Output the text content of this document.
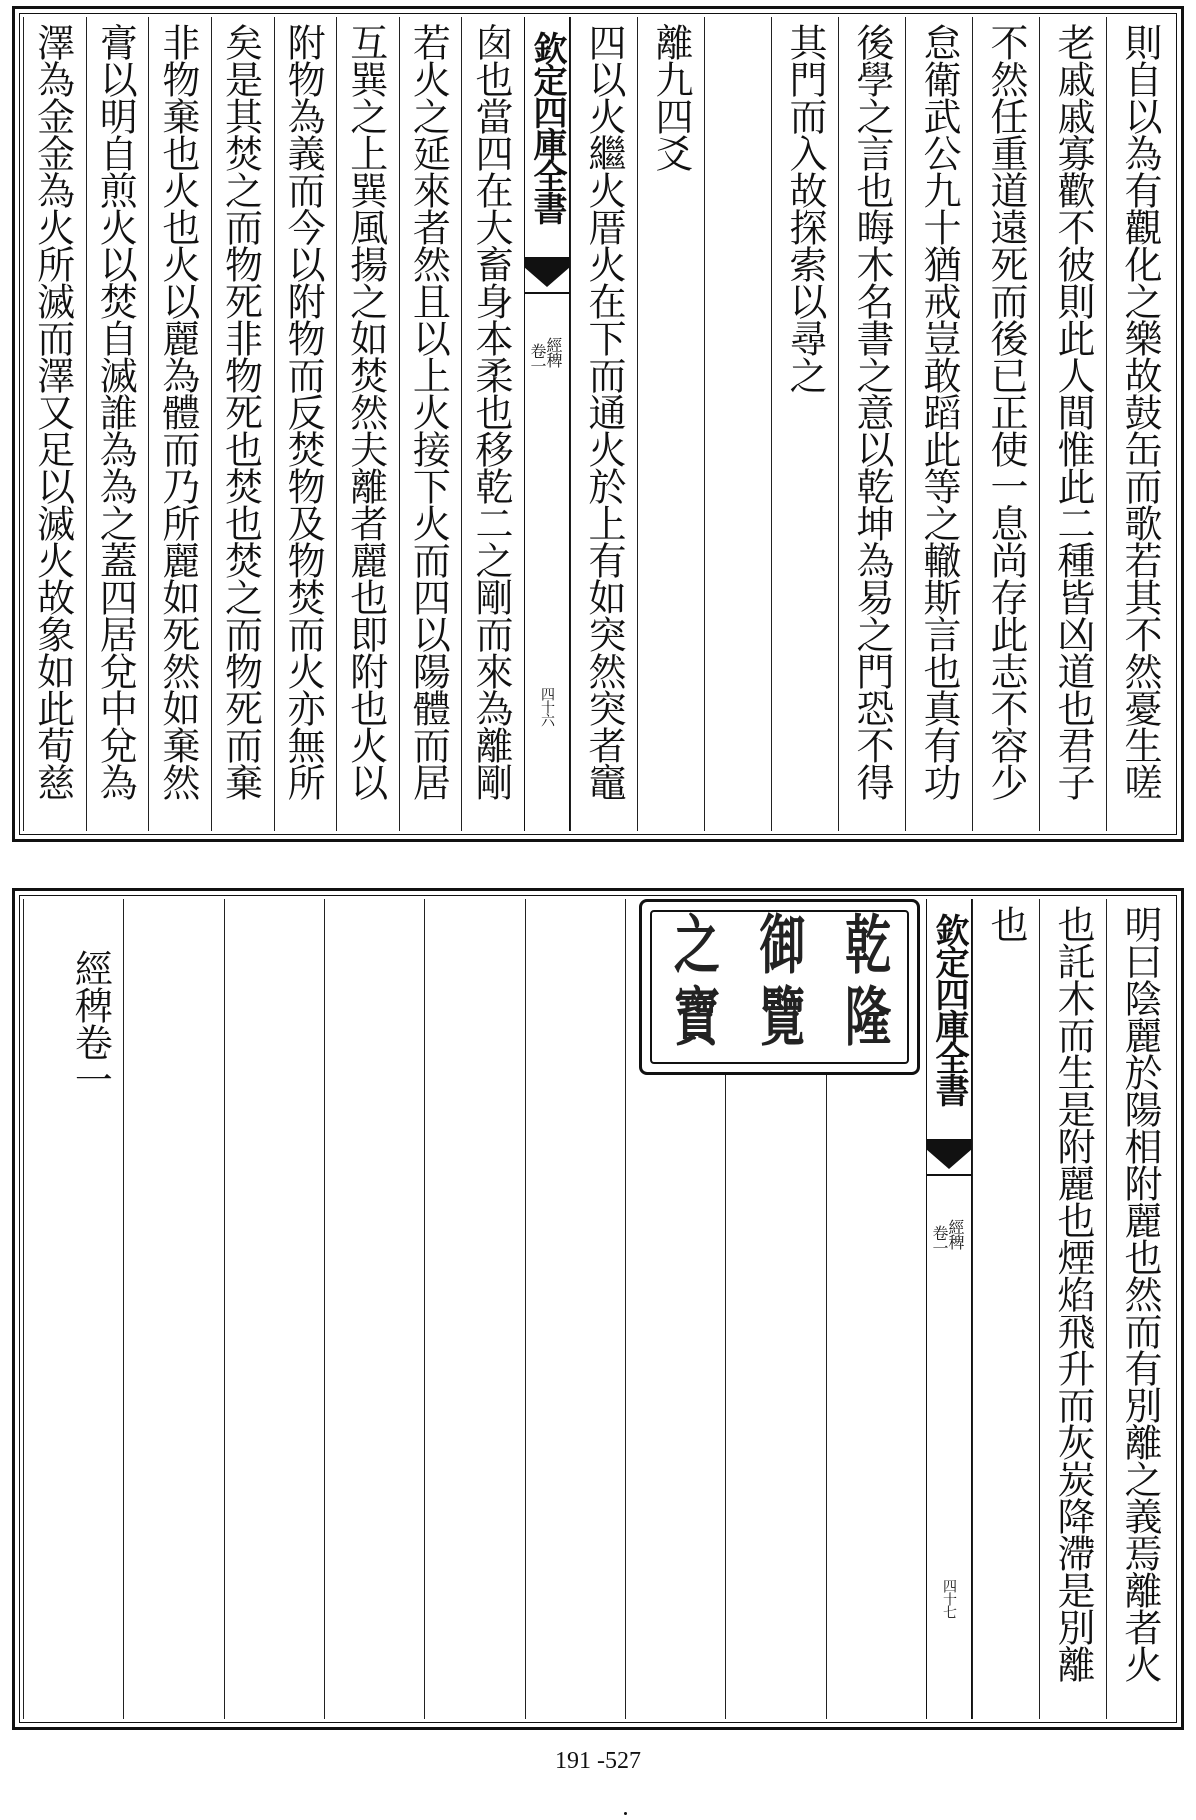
則自以為有觀化之樂故鼓缶而歌若其不然憂生嗟
老戚戚寡歡不彼則此人間惟此二種皆凶道也君子
不然任重道遠死而後已正使一息尚存此志不容少
怠衛武公九十猶戒豈敢蹈此等之轍斯言也真有功
後學之言也晦木名書之意以乾坤為易之門恐不得
其門而入故探索以尋之
經義考
離九四爻
四以火繼火厝火在下而通火於上有如突然突者竈
欽定四庫全書
經稗
卷一
四十六
囱也當四在大畜身本柔也移乾二之剛而來為離剛
若火之延來者然且以上火接下火而四以陽體而居
互巽之上巽風揚之如焚然夫離者麗也即附也火以
附物為義而今以附物而反焚物及物焚而火亦無所
矣是其焚之而物死非物死也焚也焚之而物死而棄
非物棄也火也火以麗為體而乃所麗如死然如棄然
膏以明自煎火以焚自滅誰為為之蓋四居兌中兌為
澤為金金為火所滅而澤又足以滅火故象如此荀慈
明曰陰麗於陽相附麗也然而有別離之義焉離者火
也託木而生是附麗也煙焰飛升而灰炭降滯是別離
也
仲氏易
欽定四庫全書
經稗
卷一
四十七
經稗卷一
乾
隆
御
覽
之
寶
191 -527
